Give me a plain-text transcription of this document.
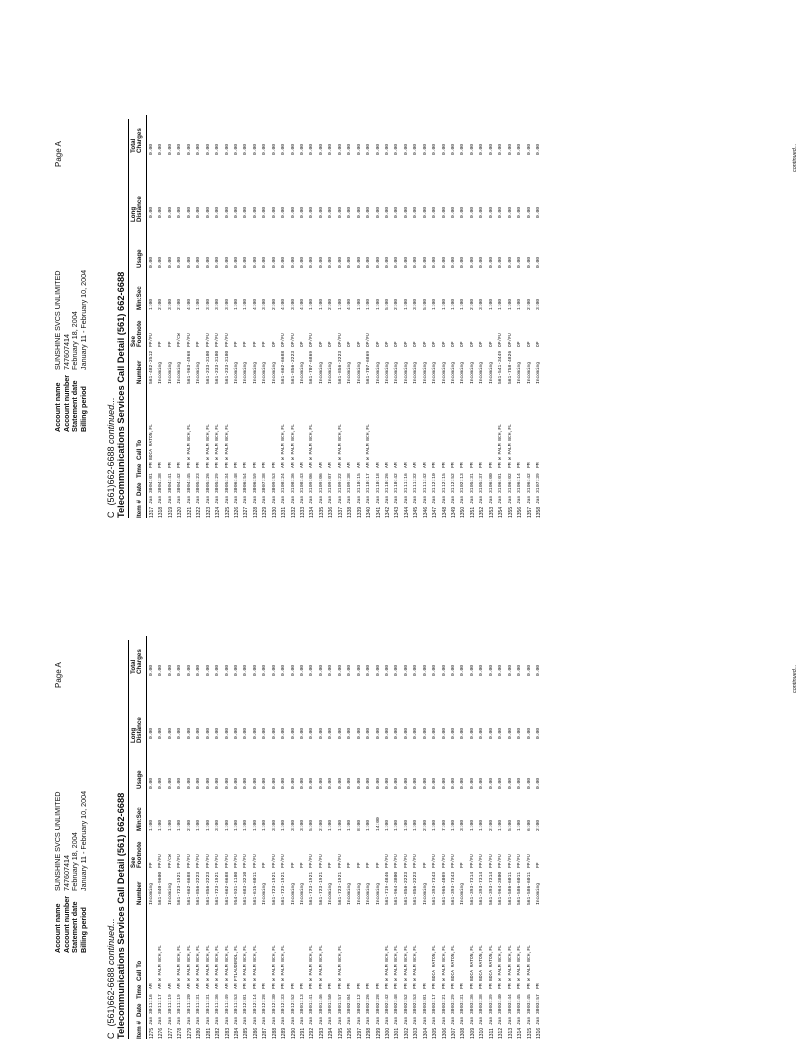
Account name
SUNSHINE SVCS UNLIMITED
Account number
747607414
Statement date
February 18, 2004
Billing period
January 11 - February 10, 2004
Page A
C(561)662-6688 continued... Telecommunications Services Call Detail (561) 662-6688 Item #
Date
Time
Call To
Number
See Footnote
Min:Sec
Usage
Long Distance
Total Charges
1275
Jan 30
11:16
AM
Incoming
PP
1:00
0.00
0.00
0.00
1276
Jan 30
11:17
AM
W PALM BCH,FL
561-840-9600
PP/FU
1:00
0.00
0.00
0.00
1277
Jan 30
11:19
AM
Incoming
PP/CW
1:00
0.00
0.00
0.00
1278
Jan 30
11:19
AM
W PALM BCH,FL
561-723-1921
PP/FU
1:00
0.00
0.00
0.00
1279
Jan 30
11:20
AM
W PALM BCH,FL
561-662-6688
PP/FU
2:00
0.00
0.00
0.00
1280
Jan 30
11:31
AM
W PALM BCH,FL
561-856-2223
PP/FU
1:00
0.00
0.00
0.00
1281
Jan 30
11:31
AM
W PALM BCH,FL
561-856-2223
PP/FU
1:00
0.00
0.00
0.00
1282
Jan 30
11:36
AM
W PALM BCH,FL
561-723-1921
PP/FU
3:00
0.00
0.00
0.00
1283
Jan 30
11:49
AM
W PALM BCH,FL
561-662-6688
PP/FU
1:00
0.00
0.00
0.00
1284
Jan 30
11:53
AM
FTLAUDERDL,FL
954-931-1180
PP/FU
1:00
0.00
0.00
0.00
1285
Jan 30
12:01
PM
W PALM BCH,FL
561-683-3210
PP/FU
1:00
0.00
0.00
0.00
1286
Jan 30
12:14
PM
W PALM BCH,FL
561-615-6011
PP/FU
1:00
0.00
0.00
0.00
1287
Jan 30
12:28
PM
Incoming
PP
1:00
0.00
0.00
0.00
1288
Jan 30
12:30
PM
W PALM BCH,FL
561-723-1921
PP/FU
3:00
0.00
0.00
0.00
1289
Jan 30
12:33
PM
W PALM BCH,FL
561-723-1921
PP/FU
1:00
0.00
0.00
0.00
1290
Jan 30
12:52
PM
Incoming
PP
3:00
0.00
0.00
0.00
1291
Jan 30
01:13
PM
Incoming
PP
3:00
0.00
0.00
0.00
1292
Jan 30
01:41
PM
W PALM BCH,FL
561-723-1921
PP/FU
5:00
0.00
0.00
0.00
1293
Jan 30
01:46
PM
W PALM BCH,FL
561-723-1921
PP/FU
2:00
0.00
0.00
0.00
1294
Jan 30
01:50
PM
Incoming
PP
1:00
0.00
0.00
0.00
1295
Jan 30
01:57
PM
W PALM BCH,FL
561-723-1921
PP/FU
1:00
0.00
0.00
0.00
1296
Jan 30
02:04
PM
Incoming
PP
1:00
0.00
0.00
0.00
1297
Jan 30
02:12
PM
Incoming
PP
8:00
0.00
0.00
0.00
1298
Jan 30
02:26
PM
Incoming
PP
1:00
0.00
0.00
0.00
1299
Jan 30
02:28
PM
Incoming
PP
14:00
0.00
0.00
0.00
1300
Jan 30
02:42
PM
W PALM BCH,FL
561-719-4846
PP/FU
1:00
0.00
0.00
0.00
1301
Jan 30
02:48
PM
W PALM BCH,FL
561-964-3800
PP/FU
1:00
0.00
0.00
0.00
1302
Jan 30
02:52
PM
W PALM BCH,FL
561-856-2223
PP/FU
1:00
0.00
0.00
0.00
1303
Jan 30
02:53
PM
W PALM BCH,FL
561-856-2223
PP/FU
1:00
0.00
0.00
0.00
1304
Jan 30
03:01
PM
Incoming
PP
2:00
0.00
0.00
0.00
1305
Jan 30
03:17
PM
BOCA RATON,FL
561-393-7343
PP/FU
1:00
0.00
0.00
0.00
1306
Jan 30
03:21
PM
W PALM BCH,FL
561-965-4089
PP/FU
7:00
0.00
0.00
0.00
1307
Jan 30
03:29
PM
BOCA RATON,FL
561-393-7343
PP/FU
1:00
0.00
0.00
0.00
1308
Jan 30
03:31
PM
Incoming
PP
3:00
0.00
0.00
0.00
1309
Jan 30
03:36
PM
BOCA RATON,FL
561-393-7314
PP/FU
1:00
0.00
0.00
0.00
1310
Jan 30
03:38
PM
BOCA RATON,FL
561-393-7314
PP/FU
1:00
0.00
0.00
0.00
1311
Jan 30
03:39
PM
BOCA RATON,FL
561-393-7314
PP/FU
2:00
0.00
0.00
0.00
1312
Jan 30
03:40
PM
W PALM BCH,FL
561-964-3800
PP/FU
1:00
0.00
0.00
0.00
1313
Jan 30
03:44
PM
W PALM BCH,FL
561-586-6011
PP/FU
5:00
0.00
0.00
0.00
1314
Jan 30
03:45
PM
W PALM BCH,FL
561-586-6011
PP/FU
1:00
0.00
0.00
0.00
1315
Jan 30
03:45
PM
W PALM BCH,FL
561-586-6011
PP/FU
6:00
0.00
0.00
0.00
1316
Jan 30
03:57
PM
Incoming
PP
2:00
0.00
0.00
0.00	continued...
Account name
SUNSHINE SVCS UNLIMITED
Account number
747607414
Statement date
February 18, 2004
Billing period
January 11 - February 10, 2004
Page A
C(561)662-6688 continued... Telecommunications Services Call Detail (561) 662-6688 Item #
Date
Time
Call To
Number
See Footnote
Min:Sec
Usage
Long Distance
Total Charges
1317
Jan 30
04:01
PM
BOCA RATON,FL
561-482-2512
PP/FU
1:00
0.00
0.00
0.00
1318
Jan 30
04:38
PM
Incoming
PP
2:00
0.00
0.00
0.00
1319
Jan 30
04:41
PM
Incoming
PP
3:00
0.00
0.00
0.00
1320
Jan 30
04:42
PM
Incoming
PP/CW
2:00
0.00
0.00
0.00
1321
Jan 30
04:45
PM
W PALM BCH,FL
561-963-4968
PP/FU
4:00
0.00
0.00
0.00
1322
Jan 30
05:23
PM
Incoming
PP
1:00
0.00
0.00
0.00
1323
Jan 30
05:26
PM
W PALM BCH,FL
561-233-3180
PP/FU
3:00
0.00
0.00
0.00
1324
Jan 30
05:29
PM
W PALM BCH,FL
561-233-3180
PP/FU
3:00
0.00
0.00
0.00
1325
Jan 30
05:34
PM
W PALM BCH,FL
561-233-3180
PP/FU
3:00
0.00
0.00
0.00
1326
Jan 30
06:48
PM
Incoming
PP
1:00
0.00
0.00
0.00
1327
Jan 30
06:54
PM
Incoming
PP
1:00
0.00
0.00
0.00
1328
Jan 30
06:59
PM
Incoming
PP
4:00
0.00
0.00
0.00
1329
Jan 30
07:38
PM
Incoming
PP
3:00
0.00
0.00
0.00
1330
Jan 30
09:53
PM
Incoming
OP
2:00
0.00
0.00
0.00
1331
Jan 31
08:24
AM
W PALM BCH,FL
561-662-6688
OP/FU
4:00
0.00
0.00
0.00
1332
Jan 31
08:36
AM
W PALM BCH,FL
561-856-2223
OP/FU
3:00
0.00
0.00
0.00
1333
Jan 31
08:43
AM
Incoming
OP
4:00
0.00
0.00
0.00
1334
Jan 31
09:06
AM
W PALM BCH,FL
561-707-6869
OP/FU
1:00
0.00
0.00
0.00
1335
Jan 31
09:06
AM
Incoming
OP
1:00
0.00
0.00
0.00
1336
Jan 31
09:07
AM
Incoming
OP
2:00
0.00
0.00
0.00
1337
Jan 31
09:22
AM
W PALM BCH,FL
561-856-2223
OP/FU
1:00
0.00
0.00
0.00
1338
Jan 31
09:38
AM
Incoming
OP
4:00
0.00
0.00
0.00
1339
Jan 31
10:15
AM
Incoming
OP
1:00
0.00
0.00
0.00
1340
Jan 31
10:17
AM
W PALM BCH,FL
561-707-6869
OP/FU
1:00
0.00
0.00
0.00
1341
Jan 31
10:18
AM
Incoming
OP
1:00
0.00
0.00
0.00
1342
Jan 31
10:26
AM
Incoming
OP
5:00
0.00
0.00
0.00
1343
Jan 31
10:42
AM
Incoming
OP
2:00
0.00
0.00
0.00
1344
Jan 31
11:16
AM
Incoming
OP
1:00
0.00
0.00
0.00
1345
Jan 31
11:32
AM
Incoming
OP
3:00
0.00
0.00
0.00
1346
Jan 31
11:42
AM
Incoming
OP
5:00
0.00
0.00
0.00
1347
Jan 31
12:10
PM
Incoming
OP
1:00
0.00
0.00
0.00
1348
Jan 31
12:15
PM
Incoming
OP
1:00
0.00
0.00
0.00
1349
Jan 31
12:52
PM
Incoming
OP
1:00
0.00
0.00
0.00
1350
Jan 31
02:13
PM
Incoming
OP
1:00
0.00
0.00
0.00
1351
Jan 31
05:31
PM
Incoming
OP
2:00
0.00
0.00
0.00
1352
Jan 31
05:37
PM
Incoming
OP
3:00
0.00
0.00
0.00
1353
Jan 31
06:00
PM
Incoming
OP
1:00
0.00
0.00
0.00
1354
Jan 31
06:01
PM
W PALM BCH,FL
561-541-3449
OP/FU
1:00
0.00
0.00
0.00
1355
Jan 31
06:02
PM
W PALM BCH,FL
561-758-4826
OP/FU
1:00
0.00
0.00
0.00
1356
Jan 31
06:14
PM
Incoming
OP
1:00
0.00
0.00
0.00
1357
Jan 31
06:42
PM
Incoming
OP
2:00
0.00
0.00
0.00
1358
Jan 31
07:39
PM
Incoming
OP
3:00
0.00
0.00
0.00	continued...
